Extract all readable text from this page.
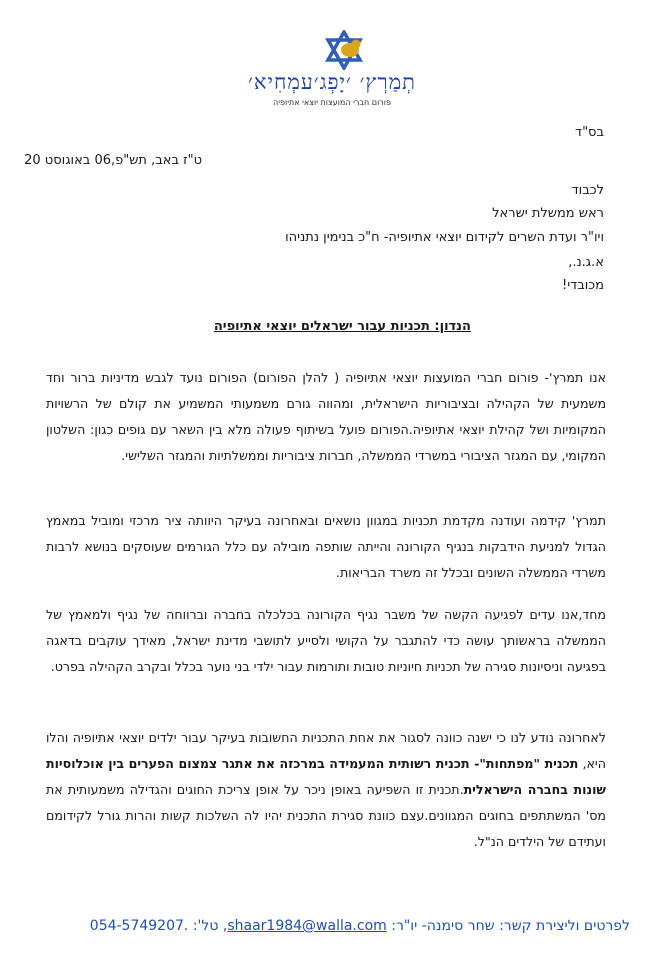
תְמַרְץ׳ ׳יָפְג׳עמְחִיא׳
פורום חברי המועצות יוצאי אתיופיה
בס"ד
ט"ז באב, תש"פ,06 באוגוסט 20
לכבוד
ראש ממשלת ישראל
ויו"ר ועדת השרים לקידום יוצאי אתיופיה- ח"כ בנימין נתניהו
א.ג.נ.,
מכובדי!
הנדון: תכניות עבור ישראלים יוצאי אתיופיה
אנו תמרץ'- פורום חברי המועצות יוצאי אתיופיה ( להלן הפורום) הפורום נועד לגבש מדיניות ברור וחד משמעית של הקהילה ובציבוריות הישראלית, ומהווה גורם משמעותי המשמיע את קולם של הרשויות המקומיות ושל קהילת יוצאי אתיופיה.הפורום פועל בשיתוף פעולה מלא בין השאר עם גופים כגון: השלטון המקומי, עם המגזר הציבורי במשרדי הממשלה, חברות ציבוריות וממשלתיות והמגזר השלישי.
תמרץ' קידמה ועודנה מקדמת תכניות במגוון נושאים ובאחרונה בעיקר היוותה ציר מרכזי ומוביל במאמץ הגדול למניעת הידבקות בנגיף הקורונה והייתה שותפה מובילה עם כלל הגורמים שעוסקים בנושא לרבות משרדי הממשלה השונים ובכלל זה משרד הבריאות.
מחד,אנו עדים לפגיעה הקשה של משבר נגיף הקורונה בכלכלה בחברה וברווחה של נגיף ולמאמץ של הממשלה בראשותך עושה כדי להתגבר על הקושי ולסייע לתושבי מדינת ישראל, מאידך עוקבים בדאגה בפגיעה וניסיונות סגירה של תכניות חיוניות טובות ותורמות עבור ילדי בני נוער בכלל ובקרב הקהילה בפרט.
לאחרונה נודע לנו כי ישנה כוונה לסגור את אחת התכניות החשובות בעיקר עבור ילדים יוצאי אתיופיה והלו היא, תכנית "מפתחות"- תכנית רשותית המעמידה במרכזה את אתגר צמצום הפערים בין אוכלוסיות שונות בחברה הישראלית.תכנית זו השפיעה באופן ניכר על אופן צריכת החוגים והגדילה משמעותית את מס' המשתתפים בחוגים המגוונים.עצם כוונת סגירת התכנית יהיו לה השלכות קשות והרות גורל לקידומם ועתידם של הילדים הנ"ל.
לפרטים וליצירת קשר: שחר סימנה- יו"ר: shaar1984@walla.com, טל': 054-5749207.
